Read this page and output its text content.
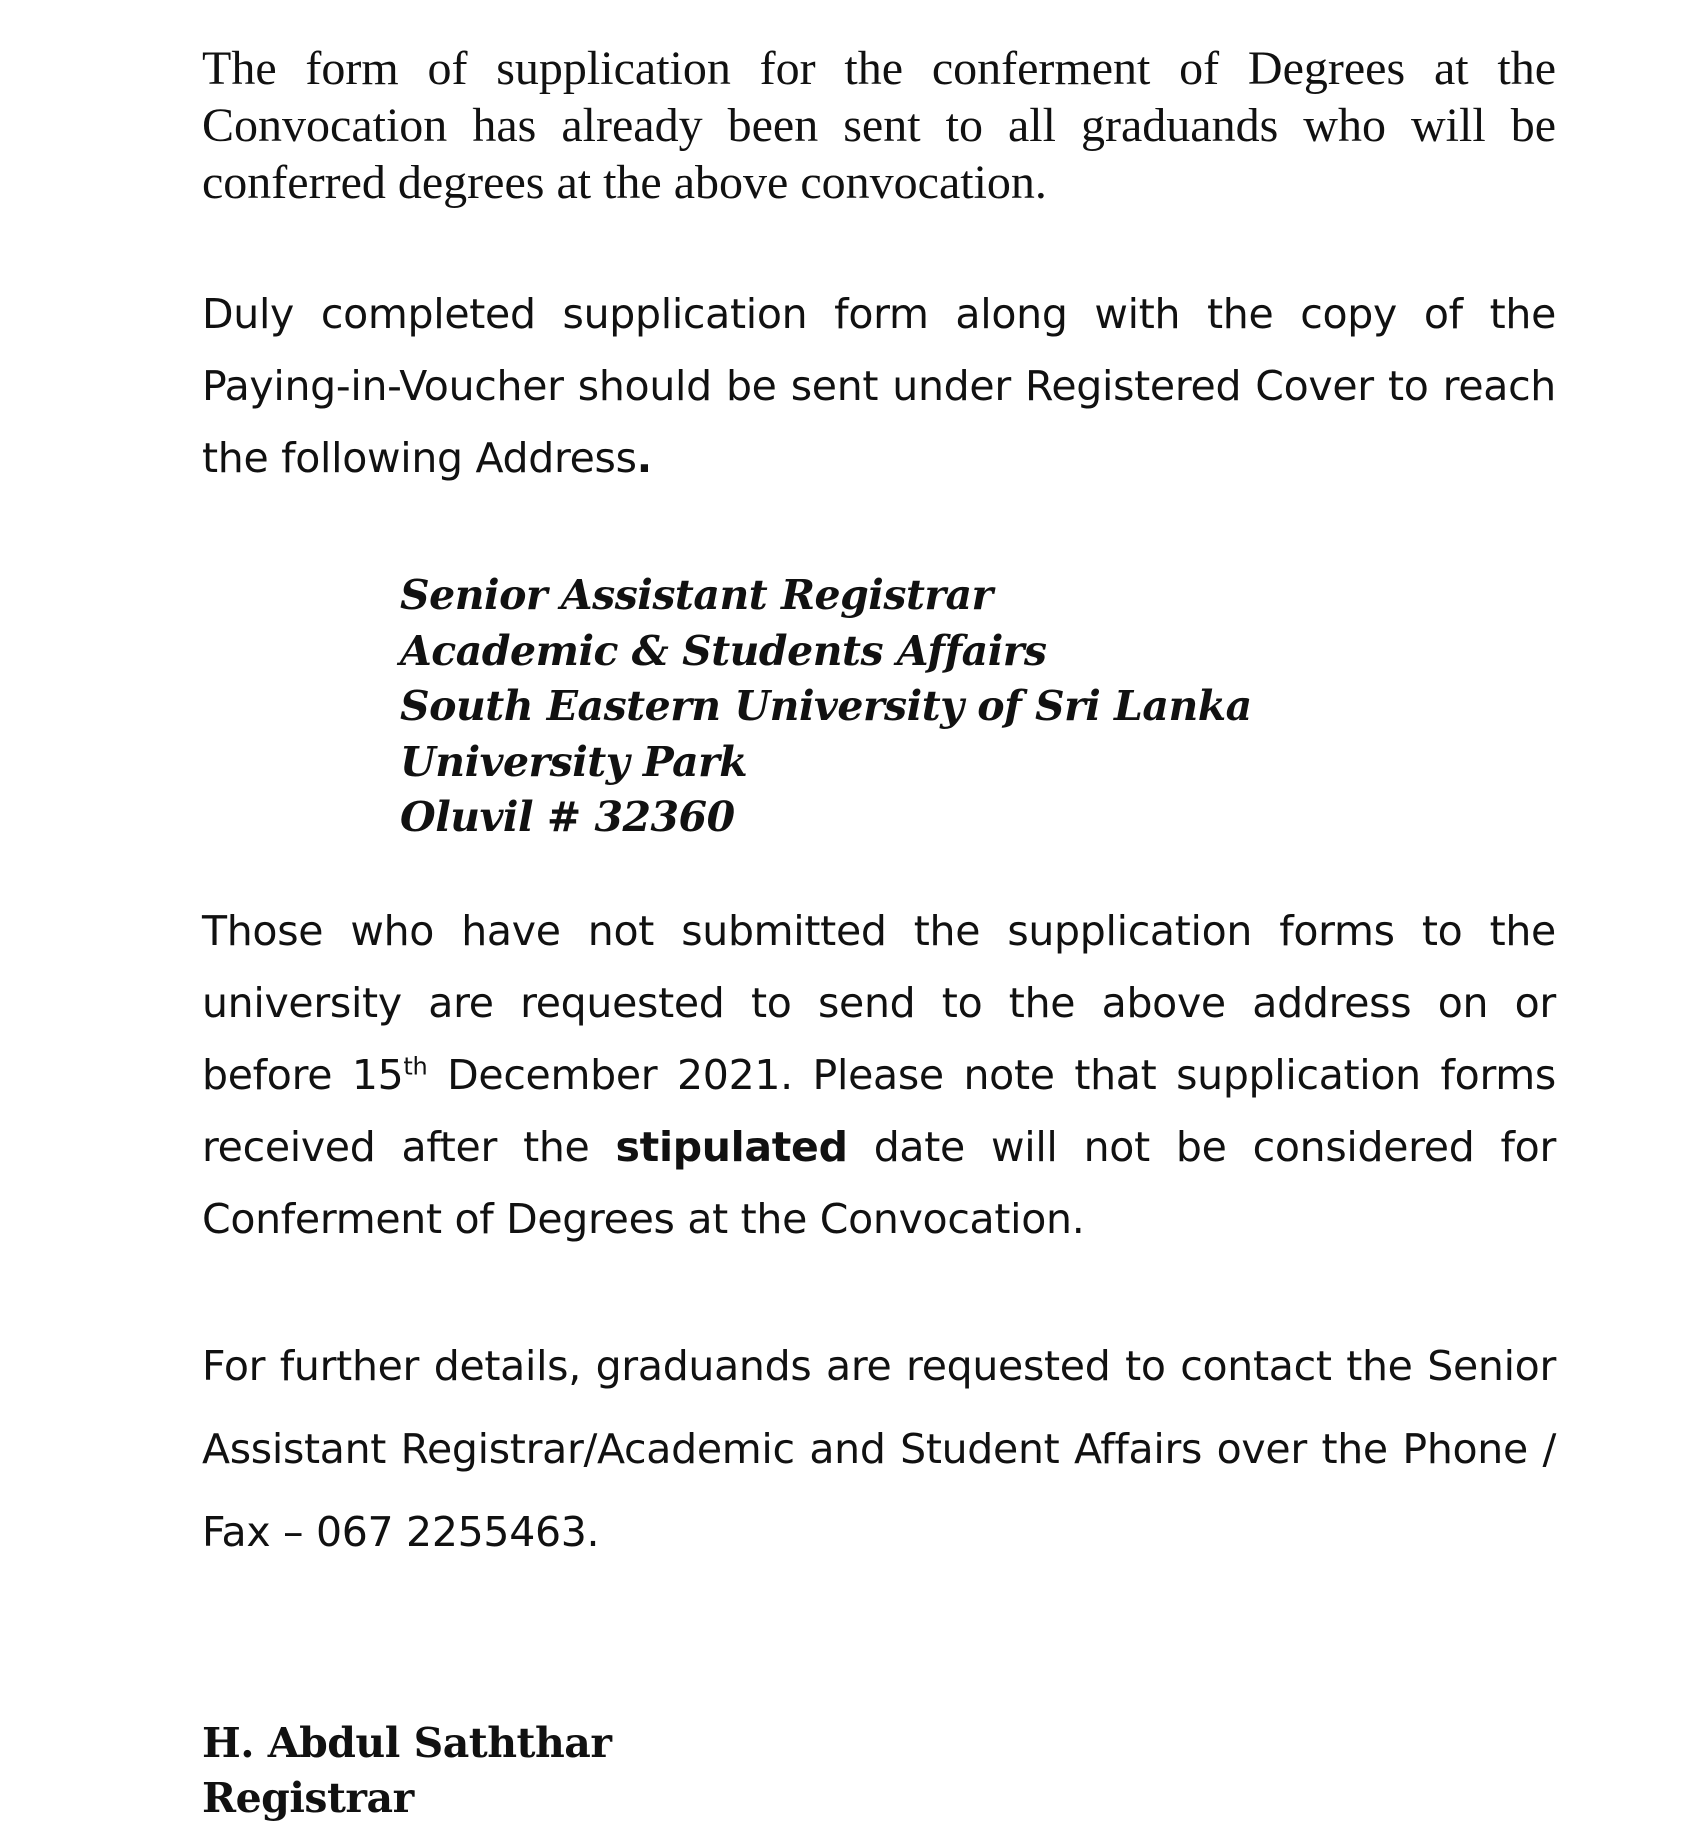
The form of supplication for the conferment of Degrees at the Convocation has already been sent to all graduands who will be conferred degrees at the above convocation.

Duly completed supplication form along with the copy of the Paying-in-Voucher should be sent under Registered Cover to reach the following Address.

Senior Assistant Registrar
Academic & Students Affairs
South Eastern University of Sri Lanka
University Park
Oluvil # 32360

Those who have not submitted the supplication forms to the university are requested to send to the above address on or before 15th December 2021. Please note that supplication forms received after the stipulated date will not be considered for Conferment of Degrees at the Convocation.

For further details, graduands are requested to contact the Senior Assistant Registrar/Academic and Student Affairs over the Phone / Fax – 067 2255463.

H. Abdul Saththar
Registrar
